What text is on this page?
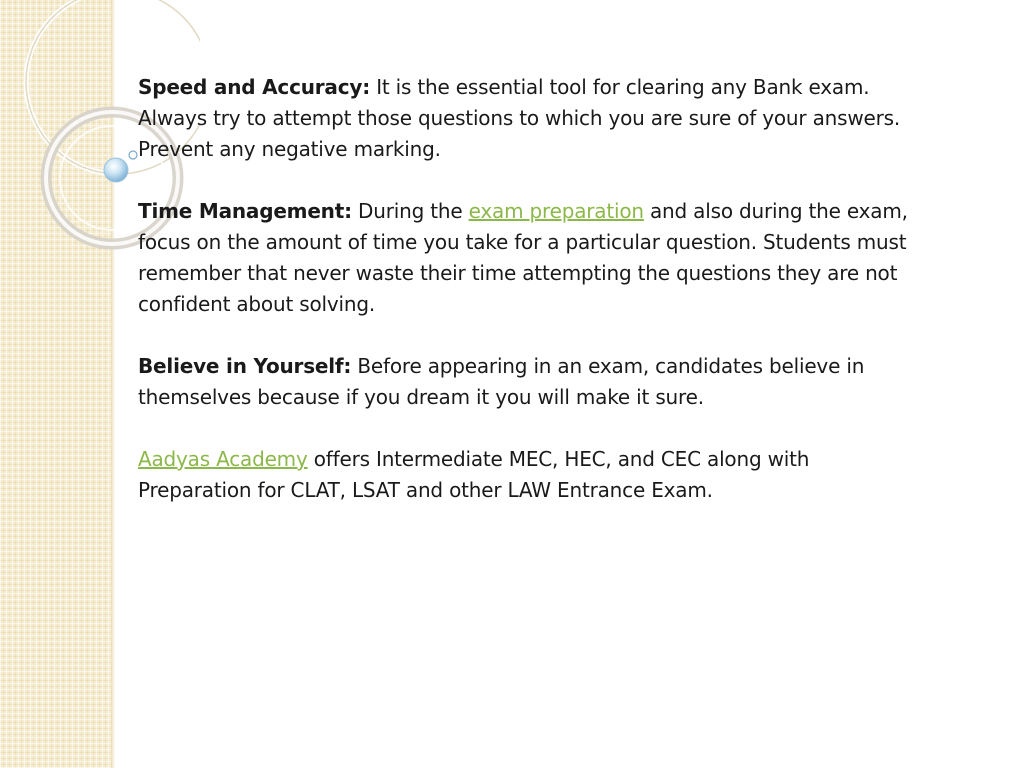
Speed and Accuracy: It is the essential tool for clearing any Bank exam. Always try to attempt those questions to which you are sure of your answers. Prevent any negative marking.

Time Management: During the exam preparation and also during the exam, focus on the amount of time you take for a particular question. Students must remember that never waste their time attempting the questions they are not confident about solving.

Believe in Yourself: Before appearing in an exam, candidates believe in themselves because if you dream it you will make it sure.

Aadyas Academy offers Intermediate MEC, HEC, and CEC along with Preparation for CLAT, LSAT and other LAW Entrance Exam.
